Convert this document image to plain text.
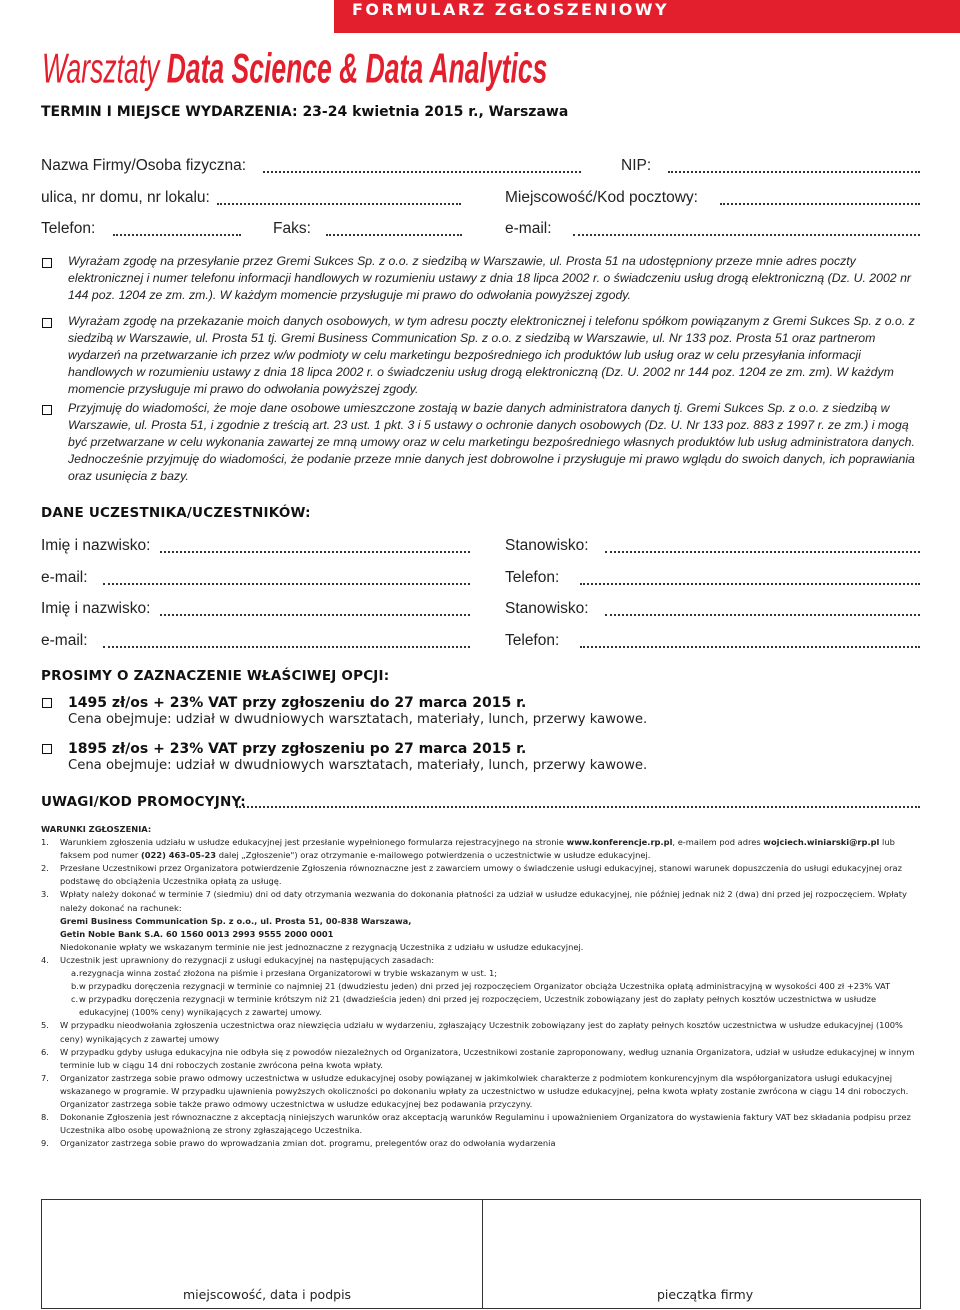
FORMULARZ ZGŁOSZENIOWY
Warsztaty Data Science & Data Analytics
TERMIN I MIEJSCE WYDARZENIA: 23-24 kwietnia 2015 r., Warszawa
Nazwa Firmy/Osoba fizyczna:	NIP:
ulica, nr domu, nr lokalu:	Miejscowość/Kod pocztowy:
Telefon:	Faks:	e-mail:
Wyrażam zgodę na przesyłanie przez Gremi Sukces Sp. z o.o. z siedzibą w Warszawie, ul. Prosta 51 na udostępniony przeze mnie adres poczty elektronicznej i numer telefonu informacji handlowych w rozumieniu ustawy z dnia 18 lipca 2002 r. o świadczeniu usług drogą elektroniczną (Dz. U. 2002 nr 144 poz. 1204 ze zm. zm.). W każdym momencie przysługuje mi prawo do odwołania powyższej zgody.
Wyrażam zgodę na przekazanie moich danych osobowych, w tym adresu poczty elektronicznej i telefonu spółkom powiązanym z Gremi Sukces Sp. z o.o. z siedzibą w Warszawie, ul. Prosta 51 tj. Gremi Business Communication Sp. z o.o. z siedzibą w Warszawie, ul. Nr 133 poz. Prosta 51 oraz partnerom wydarzeń na przetwarzanie ich przez w/w podmioty w celu marketingu bezpośredniego ich produktów lub usług oraz w celu przesyłania informacji handlowych w rozumieniu ustawy z dnia 18 lipca 2002 r. o świadczeniu usług drogą elektroniczną (Dz. U. 2002 nr 144 poz. 1204 ze zm. zm). W każdym momencie przysługuje mi prawo do odwołania powyższej zgody.
Przyjmuję do wiadomości, że moje dane osobowe umieszczone zostają w bazie danych administratora danych tj. Gremi Sukces Sp. z o.o. z siedzibą w Warszawie, ul. Prosta 51, i zgodnie z treścią art. 23 ust. 1 pkt. 3 i 5 ustawy o ochronie danych osobowych (Dz. U. Nr 133 poz. 883 z 1997 r. ze zm.) i mogą być przetwarzane w celu wykonania zawartej ze mną umowy oraz w celu marketingu bezpośredniego własnych produktów lub usług administratora danych.
Jednocześnie przyjmuję do wiadomości, że podanie przeze mnie danych jest dobrowolne i przysługuje mi prawo wglądu do swoich danych, ich poprawiania oraz usunięcia z bazy.
DANE UCZESTNIKA/UCZESTNIKÓW:
Imię i nazwisko:	Stanowisko:
e-mail:	Telefon:
Imię i nazwisko:	Stanowisko:
e-mail:	Telefon:
PROSIMY O ZAZNACZENIE WŁAŚCIWEJ OPCJI:
1495 zł/os + 23% VAT przy zgłoszeniu do 27 marca 2015 r.
Cena obejmuje: udział w dwudniowych warsztatach, materiały, lunch, przerwy kawowe.
1895 zł/os + 23% VAT przy zgłoszeniu po 27 marca 2015 r.
Cena obejmuje: udział w dwudniowych warsztatach, materiały, lunch, przerwy kawowe.
UWAGI/KOD PROMOCYJNY:
WARUNKI ZGŁOSZENIA:
1. Warunkiem zgłoszenia udziału w usłudze edukacyjnej jest przesłanie wypełnionego formularza rejestracyjnego na stronie www.konferencje.rp.pl, e-mailem pod adres wojciech.winiarski@rp.pl lub faksem pod numer (022) 463-05-23 dalej „Zgłoszenie") oraz otrzymanie e-mailowego potwierdzenia o uczestnictwie w usłudze edukacyjnej.
2. Przesłane Uczestnikowi przez Organizatora potwierdzenie Zgłoszenia równoznaczne jest z zawarciem umowy o świadczenie usługi edukacyjnej, stanowi warunek dopuszczenia do usługi edukacyjnej oraz podstawę do obciążenia Uczestnika opłatą za usługę.
3. Wpłaty należy dokonać w terminie 7 (siedmiu) dni od daty otrzymania wezwania do dokonania płatności za udział w usłudze edukacyjnej, nie później jednak niż 2 (dwa) dni przed jej rozpoczęciem. Wpłaty należy dokonać na rachunek:
Gremi Business Communication Sp. z o.o., ul. Prosta 51, 00-838 Warszawa,
Getin Noble Bank S.A. 60 1560 0013 2993 9555 2000 0001
Niedokonanie wpłaty we wskazanym terminie nie jest jednoznaczne z rezygnacją Uczestnika z udziału w usłudze edukacyjnej.
4. Uczestnik jest uprawniony do rezygnacji z usługi edukacyjnej na następujących zasadach:
a. rezygnacja winna zostać złożona na piśmie i przesłana Organizatorowi w trybie wskazanym w ust. 1;
b. w przypadku doręczenia rezygnacji w terminie co najmniej 21 (dwudziestu jeden) dni przed jej rozpoczęciem Organizator obciąża Uczestnika opłatą administracyjną w wysokości 400 zł +23% VAT
c. w przypadku doręczenia rezygnacji w terminie krótszym niż 21 (dwadzieścia jeden) dni przed jej rozpoczęciem, Uczestnik zobowiązany jest do zapłaty pełnych kosztów uczestnictwa w usłudze edukacyjnej (100% ceny) wynikających z zawartej umowy.
5. W przypadku nieodwołania zgłoszenia uczestnictwa oraz niewzięcia udziału w wydarzeniu, zgłaszający Uczestnik zobowiązany jest do zapłaty pełnych kosztów uczestnictwa w usłudze edukacyjnej (100% ceny) wynikających z zawartej umowy
6. W przypadku gdyby usługa edukacyjna nie odbyła się z powodów niezależnych od Organizatora, Uczestnikowi zostanie zaproponowany, według uznania Organizatora, udział w usłudze edukacyjnej w innym terminie lub w ciągu 14 dni roboczych zostanie zwrócona pełna kwota wpłaty.
7. Organizator zastrzega sobie prawo odmowy uczestnictwa w usłudze edukacyjnej osoby powiązanej w jakimkolwiek charakterze z podmiotem konkurencyjnym dla współorganizatora usługi edukacyjnej wskazanego w programie. W przypadku ujawnienia powyższych okoliczności po dokonaniu wpłaty za uczestnictwo w usłudze edukacyjnej, pełna kwota wpłaty zostanie zwrócona w ciągu 14 dni roboczych. Organizator zastrzega sobie także prawo odmowy uczestnictwa w usłudze edukacyjnej bez podawania przyczyny.
8. Dokonanie Zgłoszenia jest równoznaczne z akceptacją niniejszych warunków oraz akceptacją warunków Regulaminu i upoważnieniem Organizatora do wystawienia faktury VAT bez składania podpisu przez Uczestnika albo osobę upoważnioną ze strony zgłaszającego Uczestnika.
9. Organizator zastrzega sobie prawo do wprowadzania zmian dot. programu, prelegentów oraz do odwołania wydarzenia
miejscowość, data i podpis	pieczątka firmy
